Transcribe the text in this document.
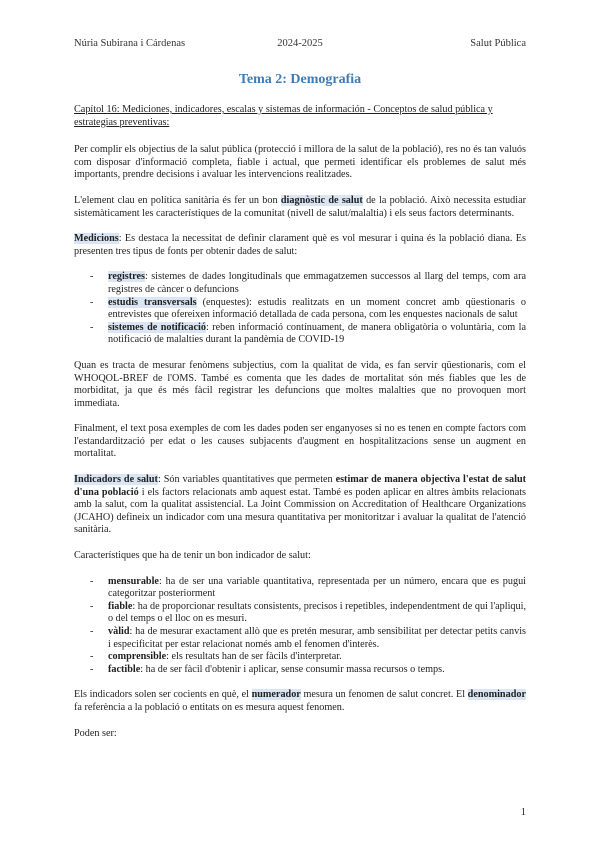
Núria Subirana i Cárdenas	2024-2025	Salut Pública
Tema 2: Demografia

Capítol 16: Mediciones, indicadores, escalas y sistemas de información - Conceptos de salud pública y estrategias preventivas:

Per complir els objectius de la salut pública (protecció i millora de la salut de la població), res no és tan valuós com disposar d'informació completa, fiable i actual, que permeti identificar els problemes de salut més importants, prendre decisions i avaluar les intervencions realitzades.

L'element clau en política sanitària és fer un bon diagnòstic de salut de la població. Això necessita estudiar sistemàticament les característiques de la comunitat (nivell de salut/malaltia) i els seus factors determinants.

Medicions: Es destaca la necessitat de definir clarament què es vol mesurar i quina és la població diana. Es presenten tres tipus de fonts per obtenir dades de salut:

- registres: sistemes de dades longitudinals que emmagatzemen successos al llarg del temps, com ara registres de càncer o defuncions
- estudis transversals (enquestes): estudis realitzats en un moment concret amb qüestionaris o entrevistes que ofereixen informació detallada de cada persona, com les enquestes nacionals de salut
- sistemes de notificació: reben informació contínuament, de manera obligatòria o voluntària, com la notificació de malalties durant la pandèmia de COVID-19

Quan es tracta de mesurar fenòmens subjectius, com la qualitat de vida, es fan servir qüestionaris, com el WHOQOL-BREF de l'OMS. També es comenta que les dades de mortalitat són més fiables que les de morbiditat, ja que és més fàcil registrar les defuncions que moltes malalties que no provoquen mort immediata.

Finalment, el text posa exemples de com les dades poden ser enganyoses si no es tenen en compte factors com l'estandardització per edat o les causes subjacents d'augment en hospitalitzacions sense un augment en mortalitat.

Indicadors de salut: Són variables quantitatives que permeten estimar de manera objectiva l'estat de salut d'una població i els factors relacionats amb aquest estat. També es poden aplicar en altres àmbits relacionats amb la salut, com la qualitat assistencial. La Joint Commission on Accreditation of Healthcare Organizations (JCAHO) defineix un indicador com una mesura quantitativa per monitoritzar i avaluar la qualitat de l'atenció sanitària.

Característiques que ha de tenir un bon indicador de salut:

- mensurable: ha de ser una variable quantitativa, representada per un número, encara que es pugui categoritzar posteriorment
- fiable: ha de proporcionar resultats consistents, precisos i repetibles, independentment de qui l'apliqui, o del temps o el lloc on es mesuri.
- vàlid: ha de mesurar exactament allò que es pretén mesurar, amb sensibilitat per detectar petits canvis i especificitat per estar relacionat només amb el fenomen d'interès.
- comprensible: els resultats han de ser fàcils d'interpretar.
- factible: ha de ser fàcil d'obtenir i aplicar, sense consumir massa recursos o temps.

Els indicadors solen ser cocients en què, el numerador mesura un fenomen de salut concret. El denominador fa referència a la població o entitats on es mesura aquest fenomen.

Poden ser:

1
